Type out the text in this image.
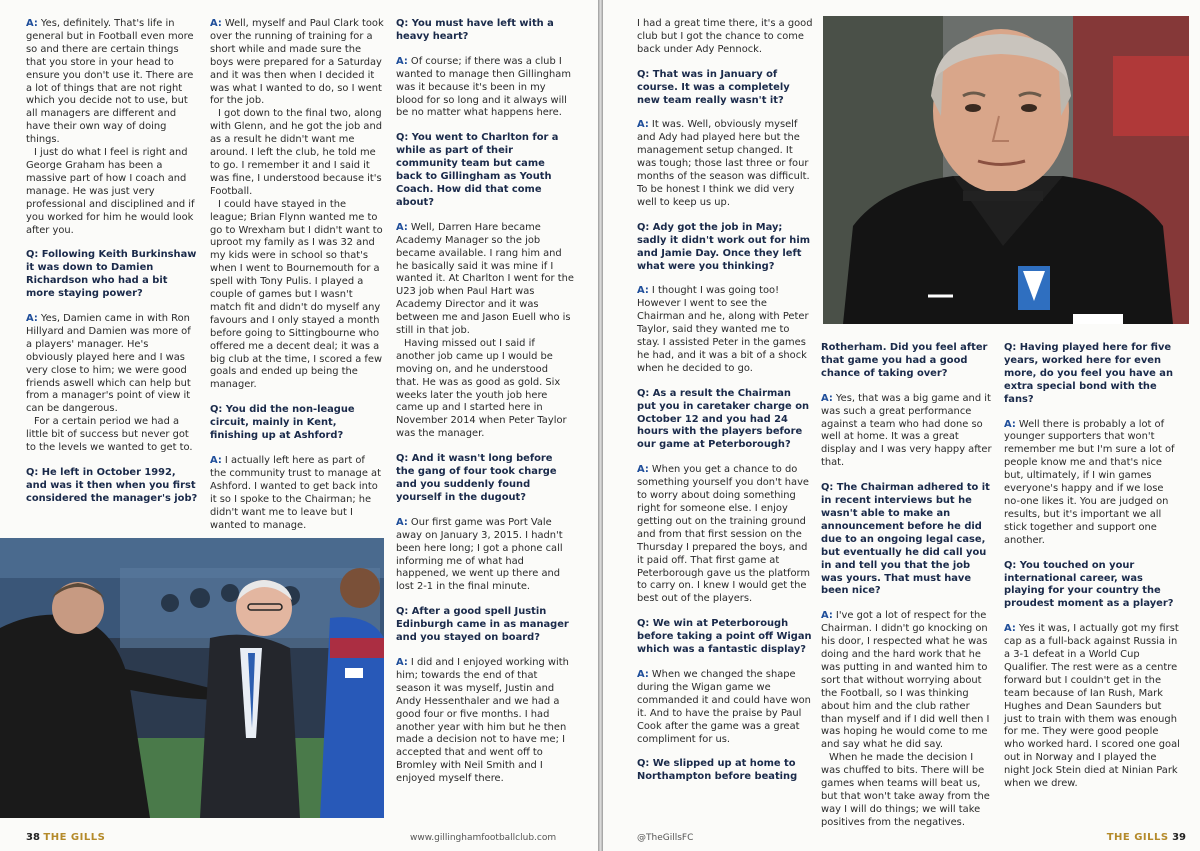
A: Yes, definitely. That's life in general but in Football even more so and there are certain things that you store in your head to ensure you don't use it. There are a lot of things that are not right which you decide not to use, but all managers are different and have their own way of doing things.

I just do what I feel is right and George Graham has been a massive part of how I coach and manage. He was just very professional and disciplined and if you worked for him he would look after you.

Q: Following Keith Burkinshaw it was down to Damien Richardson who had a bit more staying power?

A: Yes, Damien came in with Ron Hillyard and Damien was more of a players' manager. He's obviously played here and I was very close to him; we were good friends aswell which can help but from a manager's point of view it can be dangerous.

For a certain period we had a little bit of success but never got to the levels we wanted to get to.

Q: He left in October 1992, and was it then when you first considered the manager's job?

A: Well, myself and Paul Clark took over the running of training for a short while and made sure the boys were prepared for a Saturday and it was then when I decided it was what I wanted to do, so I went for the job.

I got down to the final two, along with Glenn, and he got the job and as a result he didn't want me around. I left the club, he told me to go. I remember it and I said it was fine, I understood because it's Football.

I could have stayed in the league; Brian Flynn wanted me to go to Wrexham but I didn't want to uproot my family as I was 32 and my kids were in school so that's when I went to Bournemouth for a spell with Tony Pulis. I played a couple of games but I wasn't match fit and didn't do myself any favours and I only stayed a month before going to Sittingbourne who offered me a decent deal; it was a big club at the time, I scored a few goals and ended up being the manager.

Q: You did the non-league circuit, mainly in Kent, finishing up at Ashford?

A: I actually left here as part of the community trust to manage at Ashford. I wanted to get back into it so I spoke to the Chairman; he didn't want me to leave but I wanted to manage.

Q: You must have left with a heavy heart?

A: Of course; if there was a club I wanted to manage then Gillingham was it because it's been in my blood for so long and it always will be no matter what happens here.

Q: You went to Charlton for a while as part of their community team but came back to Gillingham as Youth Coach. How did that come about?

A: Well, Darren Hare became Academy Manager so the job became available. I rang him and he basically said it was mine if I wanted it. At Charlton I went for the U23 job when Paul Hart was Academy Director and it was between me and Jason Euell who is still in that job.

Having missed out I said if another job came up I would be moving on, and he understood that. He was as good as gold. Six weeks later the youth job here came up and I started here in November 2014 when Peter Taylor was the manager.

Q: And it wasn't long before the gang of four took charge and you suddenly found yourself in the dugout?

A: Our first game was Port Vale away on January 3, 2015. I hadn't been here long; I got a phone call informing me of what had happened, we went up there and lost 2-1 in the final minute.

Q: After a good spell Justin Edinburgh came in as manager and you stayed on board?

A: I did and I enjoyed working with him; towards the end of that season it was myself, Justin and Andy Hessenthaler and we had a good four or five months. I had another year with him but he then made a decision not to have me; I accepted that and went off to Bromley with Neil Smith and I enjoyed myself there.

38 THE GILLS	www.gillinghamfootballclub.com

I had a great time there, it's a good club but I got the chance to come back under Ady Pennock.

Q: That was in January of course. It was a completely new team really wasn't it?

A: It was. Well, obviously myself and Ady had played here but the management setup changed. It was tough; those last three or four months of the season was difficult. To be honest I think we did very well to keep us up.

Q: Ady got the job in May; sadly it didn't work out for him and Jamie Day. Once they left what were you thinking?

A: I thought I was going too! However I went to see the Chairman and he, along with Peter Taylor, said they wanted me to stay. I assisted Peter in the games he had, and it was a bit of a shock when he decided to go.

Q: As a result the Chairman put you in caretaker charge on October 12 and you had 24 hours with the players before our game at Peterborough?

A: When you get a chance to do something yourself you don't have to worry about doing something right for someone else. I enjoy getting out on the training ground and from that first session on the Thursday I prepared the boys, and it paid off. That first game at Peterborough gave us the platform to carry on. I knew I would get the best out of the players.

Q: We win at Peterborough before taking a point off Wigan which was a fantastic display?

A: When we changed the shape during the Wigan game we commanded it and could have won it. And to have the praise by Paul Cook after the game was a great compliment for us.

Q: We slipped up at home to Northampton before beating

Rotherham. Did you feel after that game you had a good chance of taking over?

A: Yes, that was a big game and it was such a great performance against a team who had done so well at home. It was a great display and I was very happy after that.

Q: The Chairman adhered to it in recent interviews but he wasn't able to make an announcement before he did due to an ongoing legal case, but eventually he did call you in and tell you that the job was yours. That must have been nice?

A: I've got a lot of respect for the Chairman. I didn't go knocking on his door, I respected what he was doing and the hard work that he was putting in and wanted him to sort that without worrying about the Football, so I was thinking about him and the club rather than myself and if I did well then I was hoping he would come to me and say what he did say.

When he made the decision I was chuffed to bits. There will be games when teams will beat us, but that won't take away from the way I will do things; we will take positives from the negatives.

Q: Having played here for five years, worked here for even more, do you feel you have an extra special bond with the fans?

A: Well there is probably a lot of younger supporters that won't remember me but I'm sure a lot of people know me and that's nice but, ultimately, if I win games everyone's happy and if we lose no-one likes it. You are judged on results, but it's important we all stick together and support one another.

Q: You touched on your international career, was playing for your country the proudest moment as a player?

A: Yes it was, I actually got my first cap as a full-back against Russia in a 3-1 defeat in a World Cup Qualifier. The rest were as a centre forward but I couldn't get in the team because of Ian Rush, Mark Hughes and Dean Saunders but just to train with them was enough for me. They were good people who worked hard. I scored one goal out in Norway and I played the night Jock Stein died at Ninian Park when we drew.

@TheGillsFC	THE GILLS 39
